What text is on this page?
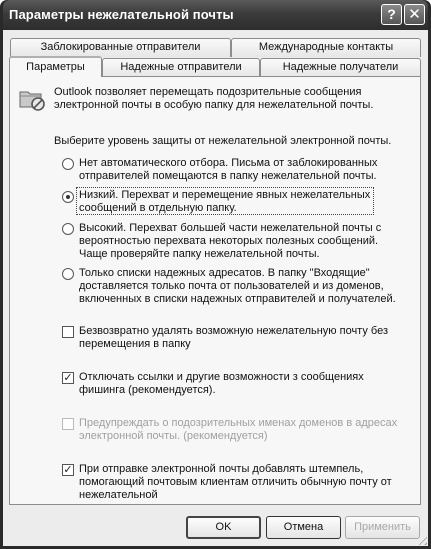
Параметры нежелательной почты	? ✕
Заблокированные отправители	Международные контакты
Параметры	Надежные отправители	Надежные получатели
Outlook позволяет перемещать подозрительные сообщения
электронной почты в особую папку для нежелательной почты.
Выберите уровень защиты от нежелательной электронной почты.
Нет автоматического отбора. Письма от заблокированных
отправителей помещаются в папку нежелательной почты.
Низкий. Перехват и перемещение явных нежелательных
сообщений в отдельную папку.
Высокий. Перехват большей части нежелательной почты с
вероятностью перехвата некоторых полезных сообщений.
Чаще проверяйте папку нежелательной почты.
Только списки надежных адресатов. В папку "Входящие"
доставляется только почта от пользователей и из доменов,
включенных в списки надежных отправителей и получателей.
Безвозвратно удалять возможную нежелательную почту без
перемещения в папку
✓ Отключать ссылки и другие возможности з сообщениях
фишинга (рекомендуется).
Предупреждать о подозрительных именах доменов в адресах
электронной почты. (рекомендуется)
✓ При отправке электронной почты добавлять штемпель,
помогающий почтовым клиентам отличить обычную почту от
нежелательной
OK	Отмена	Применить
